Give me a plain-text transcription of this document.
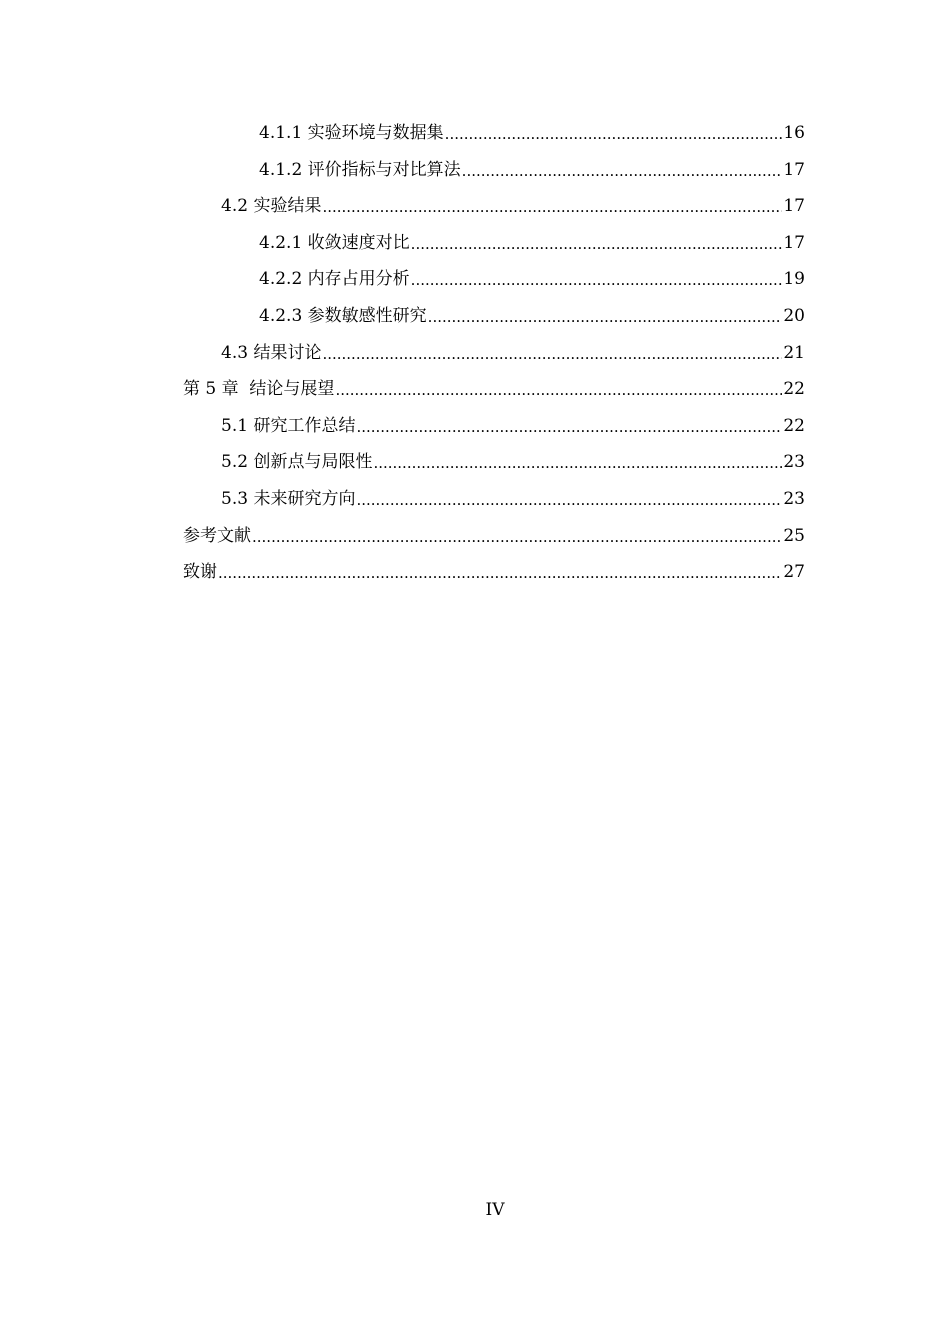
4.1.1 实验环境与数据集 .....	16
4.1.2 评价指标与对比算法 .....	17
4.2 实验结果 .....	17
4.2.1 收敛速度对比 .....	17
4.2.2 内存占用分析 .....	19
4.2.3 参数敏感性研究 .....	20
4.3 结果讨论 .....	21
第 5 章  结论与展望 .....	22
5.1 研究工作总结 .....	22
5.2 创新点与局限性 .....	23
5.3 未来研究方向 .....	23
参考文献 .....	25
致谢 .....	27
IV
